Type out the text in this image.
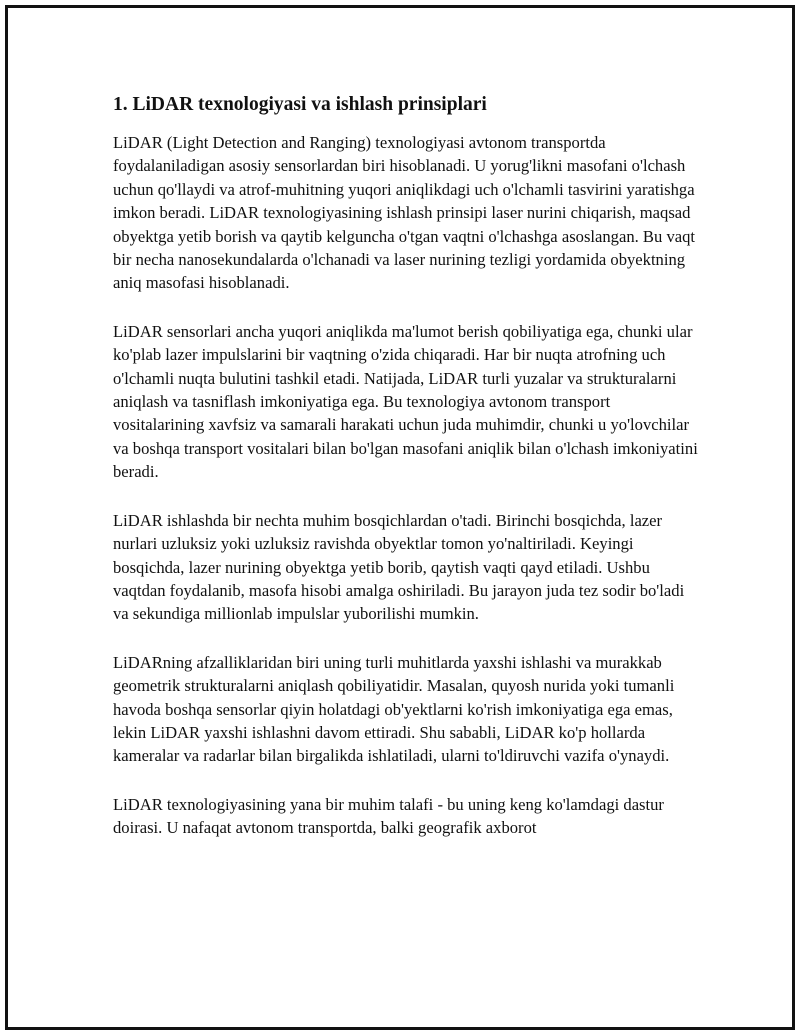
1. LiDAR texnologiyasi va ishlash prinsiplari

LiDAR (Light Detection and Ranging) texnologiyasi avtonom transportda foydalaniladigan asosiy sensorlardan biri hisoblanadi. U yorug'likni masofani o'lchash uchun qo'llaydi va atrof-muhitning yuqori aniqlikdagi uch o'lchamli tasvirini yaratishga imkon beradi. LiDAR texnologiyasining ishlash prinsipi laser nurini chiqarish, maqsad obyektga yetib borish va qaytib kelguncha o'tgan vaqtni o'lchashga asoslangan. Bu vaqt bir necha nanosekundalarda o'lchanadi va laser nurining tezligi yordamida obyektning aniq masofasi hisoblanadi.

LiDAR sensorlari ancha yuqori aniqlikda ma'lumot berish qobiliyatiga ega, chunki ular ko'plab lazer impulslarini bir vaqtning o'zida chiqaradi. Har bir nuqta atrofning uch o'lchamli nuqta bulutini tashkil etadi. Natijada, LiDAR turli yuzalar va strukturalarni aniqlash va tasniflash imkoniyatiga ega. Bu texnologiya avtonom transport vositalarining xavfsiz va samarali harakati uchun juda muhimdir, chunki u yo'lovchilar va boshqa transport vositalari bilan bo'lgan masofani aniqlik bilan o'lchash imkoniyatini beradi.

LiDAR ishlashda bir nechta muhim bosqichlardan o'tadi. Birinchi bosqichda, lazer nurlari uzluksiz yoki uzluksiz ravishda obyektlar tomon yo'naltiriladi. Keyingi bosqichda, lazer nurining obyektga yetib borib, qaytish vaqti qayd etiladi. Ushbu vaqtdan foydalanib, masofa hisobi amalga oshiriladi. Bu jarayon juda tez sodir bo'ladi va sekundiga millionlab impulslar yuborilishi mumkin.

LiDARning afzalliklaridan biri uning turli muhitlarda yaxshi ishlashi va murakkab geometrik strukturalarni aniqlash qobiliyatidir. Masalan, quyosh nurida yoki tumanli havoda boshqa sensorlar qiyin holatdagi ob'yektlarni ko'rish imkoniyatiga ega emas, lekin LiDAR yaxshi ishlashni davom ettiradi. Shu sababli, LiDAR ko'p hollarda kameralar va radarlar bilan birgalikda ishlatiladi, ularni to'ldiruvchi vazifa o'ynaydi.

LiDAR texnologiyasining yana bir muhim talafi - bu uning keng ko'lamdagi dastur doirasi. U nafaqat avtonom transportda, balki geografik axborot
